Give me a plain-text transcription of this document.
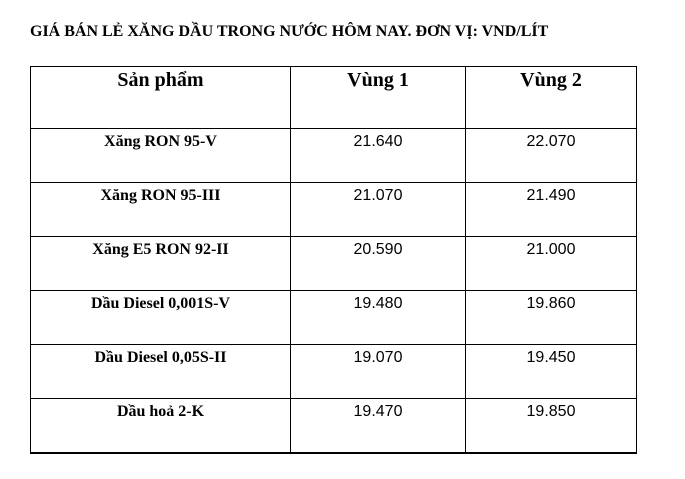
GIÁ BÁN LẺ XĂNG DẦU TRONG NƯỚC HÔM NAY. ĐƠN VỊ: VND/LÍT
Sản phẩm	Vùng 1	Vùng 2
Xăng RON 95-V	21.640	22.070
Xăng RON 95-III	21.070	21.490
Xăng E5 RON 92-II	20.590	21.000
Dầu Diesel 0,001S-V	19.480	19.860
Dầu Diesel 0,05S-II	19.070	19.450
Dầu hoả 2-K	19.470	19.850
